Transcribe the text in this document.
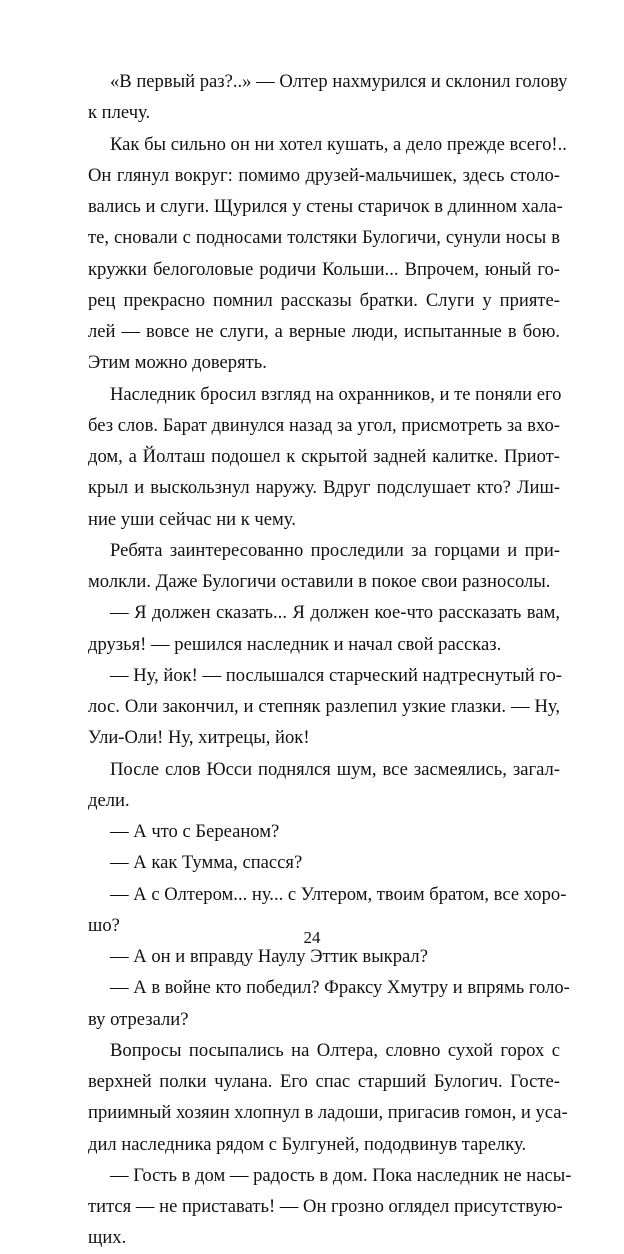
«В первый раз?..» — Олтер нахмурился и склонил голову
к плечу.
Как бы сильно он ни хотел кушать, а дело прежде всего!..
Он глянул вокруг: помимо друзей-мальчишек, здесь столо-
вались и слуги. Щурился у стены старичок в длинном хала-
те, сновали с подносами толстяки Булогичи, сунули носы в
кружки белоголовые родичи Кольши... Впрочем, юный го-
рец прекрасно помнил рассказы братки. Слуги у прияте-
лей — вовсе не слуги, а верные люди, испытанные в бою.
Этим можно доверять.
Наследник бросил взгляд на охранников, и те поняли его
без слов. Барат двинулся назад за угол, присмотреть за вхо-
дом, а Йолташ подошел к скрытой задней калитке. Приот-
крыл и выскользнул наружу. Вдруг подслушает кто? Лиш-
ние уши сейчас ни к чему.
Ребята заинтересованно проследили за горцами и при-
молкли. Даже Булогичи оставили в покое свои разносолы.
— Я должен сказать... Я должен кое-что рассказать вам,
друзья! — решился наследник и начал свой рассказ.
— Ну, йок! — послышался старческий надтреснутый го-
лос. Оли закончил, и степняк разлепил узкие глазки. — Ну,
Ули-Оли! Ну, хитрецы, йок!
После слов Юсси поднялся шум, все засмеялись, загал-
дели.
— А что с Береаном?
— А как Тумма, спасся?
— А с Олтером... ну... с Ултером, твоим братом, все хоро-
шо?
— А он и вправду Наулу Эттик выкрал?
— А в войне кто победил? Фраксу Хмутру и впрямь голо-
ву отрезали?
Вопросы посыпались на Олтера, словно сухой горох с
верхней полки чулана. Его спас старший Булогич. Госте-
приимный хозяин хлопнул в ладоши, пригасив гомон, и уса-
дил наследника рядом с Булгуней, пододвинув тарелку.
— Гость в дом — радость в дом. Пока наследник не насы-
тится — не приставать! — Он грозно оглядел присутствую-
щих.
24
